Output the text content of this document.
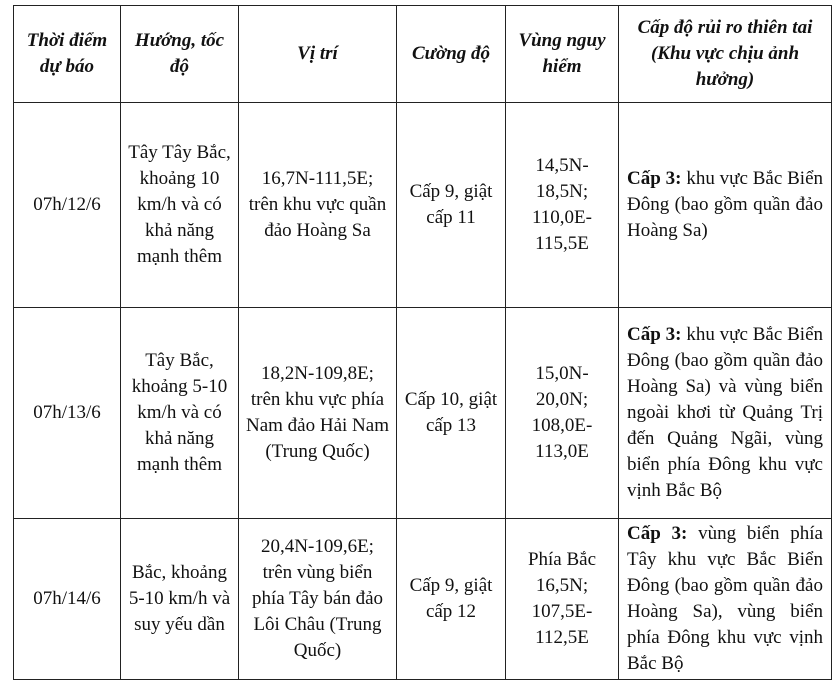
Thời điểm dự báo	Hướng, tốc độ	Vị trí	Cường độ	Vùng nguy hiểm	Cấp độ rủi ro thiên tai (Khu vực chịu ảnh hưởng)
07h/12/6	Tây Tây Bắc, khoảng 10 km/h và có khả năng mạnh thêm	16,7N-111,5E; trên khu vực quần đảo Hoàng Sa	Cấp 9, giật cấp 11	14,5N-18,5N; 110,0E-115,5E	Cấp 3: khu vực Bắc Biển Đông (bao gồm quần đảo Hoàng Sa)
07h/13/6	Tây Bắc, khoảng 5-10 km/h và có khả năng mạnh thêm	18,2N-109,8E; trên khu vực phía Nam đảo Hải Nam (Trung Quốc)	Cấp 10, giật cấp 13	15,0N-20,0N; 108,0E-113,0E	Cấp 3: khu vực Bắc Biển Đông (bao gồm quần đảo Hoàng Sa) và vùng biển ngoài khơi từ Quảng Trị đến Quảng Ngãi, vùng biển phía Đông khu vực vịnh Bắc Bộ
07h/14/6	Bắc, khoảng 5-10 km/h và suy yếu dần	20,4N-109,6E; trên vùng biển phía Tây bán đảo Lôi Châu (Trung Quốc)	Cấp 9, giật cấp 12	Phía Bắc 16,5N; 107,5E-112,5E	Cấp 3: vùng biển phía Tây khu vực Bắc Biển Đông (bao gồm quần đảo Hoàng Sa), vùng biển phía Đông khu vực vịnh Bắc Bộ
